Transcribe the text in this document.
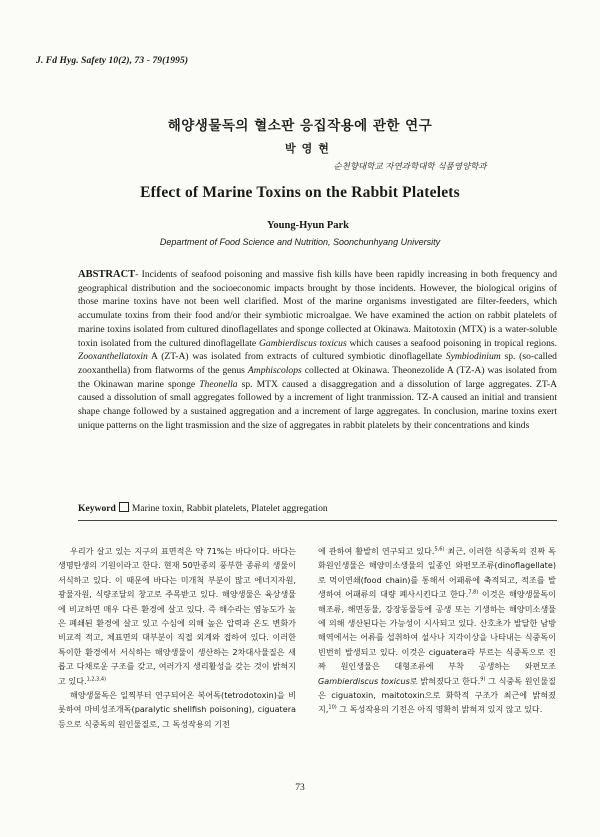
J. Fd Hyg. Safety 10(2), 73 - 79(1995)
해양생물독의 혈소판 응집작용에 관한 연구
박영현
순천향대학교 자연과학대학 식품영양학과
Effect of Marine Toxins on the Rabbit Platelets
Young-Hyun Park
Department of Food Science and Nutrition, Soonchunhyang University
ABSTRACT- Incidents of seafood poisoning and massive fish kills have been rapidly increasing in both frequency and geographical distribution and the socioeconomic impacts brought by those incidents. However, the biological origins of those marine toxins have not been well clarified. Most of the marine organisms investigated are filter-feeders, which accumulate toxins from their food and/or their symbiotic microalgae. We have examined the action on rabbit platelets of marine toxins isolated from cultured dinoflagellates and sponge collected at Okinawa. Maitotoxin (MTX) is a water-soluble toxin isolated from the cultured dinoflagellate Gambierdiscus toxicus which causes a seafood poisoning in tropical regions. Zooxanthellatoxin A (ZT-A) was isolated from extracts of cultured symbiotic dinoflagellate Symbiodinium sp. (so-called zooxanthella) from flatworms of the genus Amphiscolops collected at Okinawa. Theonezolide A (TZ-A) was isolated from the Okinawan marine sponge Theonella sp. MTX caused a disaggregation and a dissolution of large aggregates. ZT-A caused a dissolution of small aggregates followed by a increment of light tranmission. TZ-A caused an initial and transient shape change followed by a sustained aggregation and a increment of large aggregates. In conclusion, marine toxins exert unique patterns on the light trasmission and the size of aggregates in rabbit platelets by their concentrations and kinds
Keyword Marine toxin, Rabbit platelets, Platelet aggregation

우리가 살고 있는 지구의 표면적은 약 71%는 바다이다. 바다는 생명탄생의 기원이라고 한다. 현재 50만종의 풍부한 종류의 생물이 서식하고 있다. 이 때문에 바다는 미개척 부분이 많고 에너지자원, 광물자원, 식량조달의 창고로 주목받고 있다. 해양생물은 육상생물에 비교하면 매우 다른 환경에 살고 있다. 즉 해수라는 염농도가 높은 폐쇄된 환경에 살고 있고 수심에 의해 높은 압력과 온도 변화가 비교적 적고, 체표면의 대부분이 직접 외계와 접하여 있다. 이러한 특이한 환경에서 서식하는 해양생물이 생산하는 2차대사물질은 새롭고 다채로운 구조를 갖고, 여러가지 생리활성을 갖는 것이 밝혀지고 있다.$^{1,2,3,4)}$

해양생물독은 일찍부터 연구되어온 복어독(tetrodotoxin)을 비롯하여 마비성조개독(paralytic shellfish poisoning), ciguatera 등으로 식중독의 원인물질로, 그 독성작용의 기전

에 관하여 활발히 연구되고 있다.$^{5,6)}$ 최근, 이러한 식중독의 진짜 독화원인생물은 해양미소생물의 일종인 와편모조류(dinoflagellate)로 먹이연쇄(food chain)를 통해서 어패류에 축적되고, 적조를 발생하여 어패류의 대량 폐사시킨다고 한다.$^{7,8)}$ 이것은 해양생물독이 해조류, 해면동물, 강장동물등에 공생 또는 기생하는 해양미소생물에 의해 생산된다는 가능성이 시사되고 있다. 산호초가 발달한 남방해역에서는 어류를 섭취하여 설사나 지각이상을 나타내는 식중독이 빈번히 발생되고 있다. 이것은 ciguatera라 부르는 식중독으로 진짜 원인생물은 대형조류에 부착 공생하는 와편모조 Gambierdiscus toxicus로 밝혀졌다고 한다.$^{9)}$ 그 식중독 원인물질은 ciguatoxin, maitotoxin으로 화학적 구조가 최근에 밝혀졌지,$^{10)}$ 그 독성작용의 기전은 아직 명확히 밝혀져 있지 않고 있다.

73
